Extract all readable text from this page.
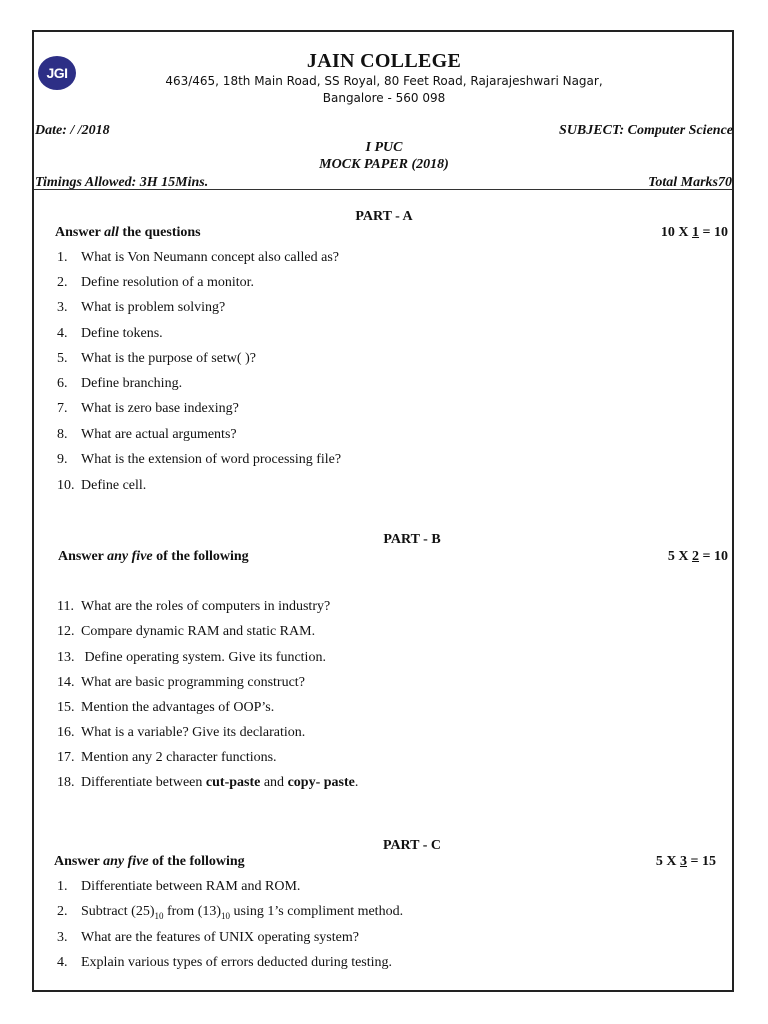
JGI
JAIN COLLEGE
463/465, 18th Main Road, SS Royal, 80 Feet Road, Rajarajeshwari Nagar,
Bangalore - 560 098
Date: / /2018	SUBJECT: Computer Science
I PUC
MOCK PAPER (2018)
Timings Allowed: 3H 15Mins.	Total Marks70
PART - A
Answer all the questions	10 X 1 = 10
1. What is Von Neumann concept also called as?
2. Define resolution of a monitor.
3. What is problem solving?
4. Define tokens.
5. What is the purpose of setw( )?
6. Define branching.
7. What is zero base indexing?
8. What are actual arguments?
9. What is the extension of word processing file?
10. Define cell.
PART - B
Answer any five of the following	5 X 2 = 10
11. What are the roles of computers in industry?
12. Compare dynamic RAM and static RAM.
13. Define operating system. Give its function.
14. What are basic programming construct?
15. Mention the advantages of OOP’s.
16. What is a variable? Give its declaration.
17. Mention any 2 character functions.
18. Differentiate between cut-paste and copy- paste.
PART - C
Answer any five of the following	5 X 3 = 15
1. Differentiate between RAM and ROM.
2. Subtract $(25)_{10}$ from $(13)_{10}$ using 1’s compliment method.
3. What are the features of UNIX operating system?
4. Explain various types of errors deducted during testing.
